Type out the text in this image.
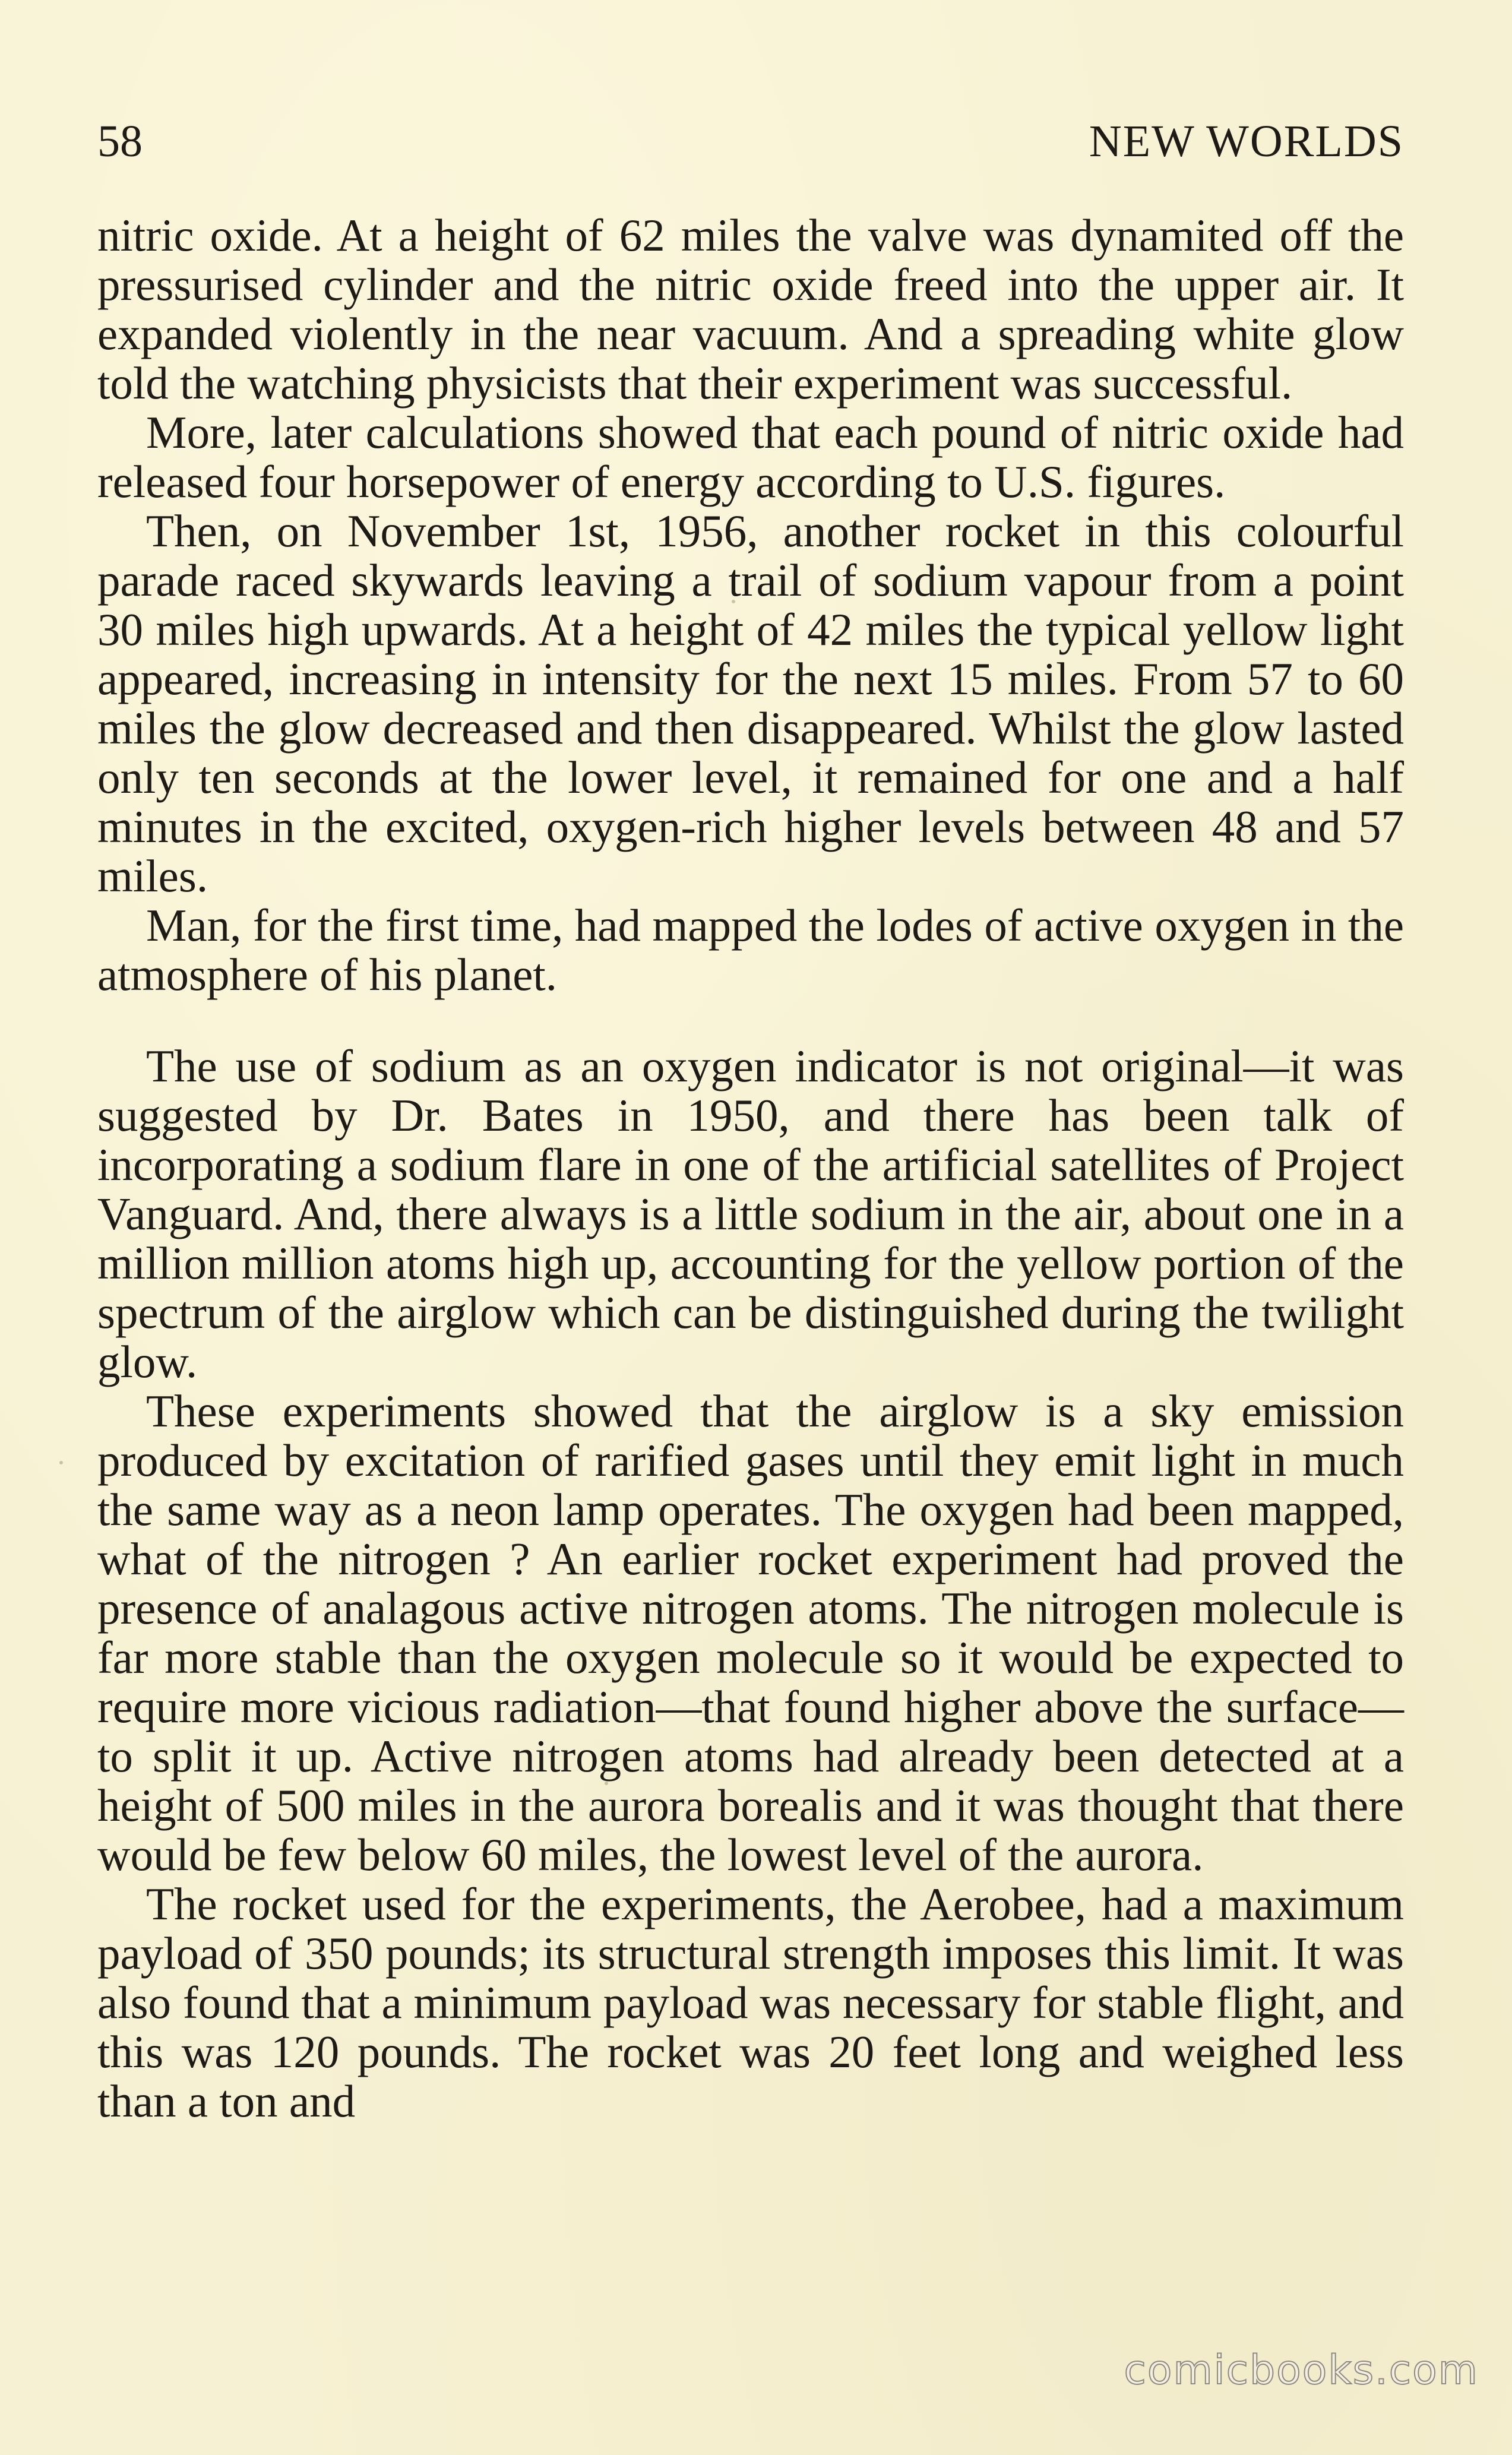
58	NEW WORLDS

nitric oxide. At a height of 62 miles the valve was dynamited off the pressurised cylinder and the nitric oxide freed into the upper air. It expanded violently in the near vacuum. And a spreading white glow told the watching physicists that their experiment was successful.

More, later calculations showed that each pound of nitric oxide had released four horsepower of energy according to U.S. figures.

Then, on November 1st, 1956, another rocket in this colourful parade raced skywards leaving a trail of sodium vapour from a point 30 miles high upwards. At a height of 42 miles the typical yellow light appeared, increasing in intensity for the next 15 miles. From 57 to 60 miles the glow decreased and then disappeared. Whilst the glow lasted only ten seconds at the lower level, it remained for one and a half minutes in the excited, oxygen-rich higher levels between 48 and 57 miles.

Man, for the first time, had mapped the lodes of active oxygen in the atmosphere of his planet.

The use of sodium as an oxygen indicator is not original—it was suggested by Dr. Bates in 1950, and there has been talk of incorporating a sodium flare in one of the artificial satellites of Project Vanguard. And, there always is a little sodium in the air, about one in a million million atoms high up, accounting for the yellow portion of the spectrum of the airglow which can be distinguished during the twilight glow.

These experiments showed that the airglow is a sky emission produced by excitation of rarified gases until they emit light in much the same way as a neon lamp operates. The oxygen had been mapped, what of the nitrogen ? An earlier rocket experiment had proved the presence of analagous active nitrogen atoms. The nitrogen molecule is far more stable than the oxygen molecule so it would be expected to require more vicious radiation—that found higher above the surface—to split it up. Active nitrogen atoms had already been detected at a height of 500 miles in the aurora borealis and it was thought that there would be few below 60 miles, the lowest level of the aurora.

The rocket used for the experiments, the Aerobee, had a maximum payload of 350 pounds; its structural strength imposes this limit. It was also found that a minimum payload was necessary for stable flight, and this was 120 pounds. The rocket was 20 feet long and weighed less than a ton and

comicbooks.com
